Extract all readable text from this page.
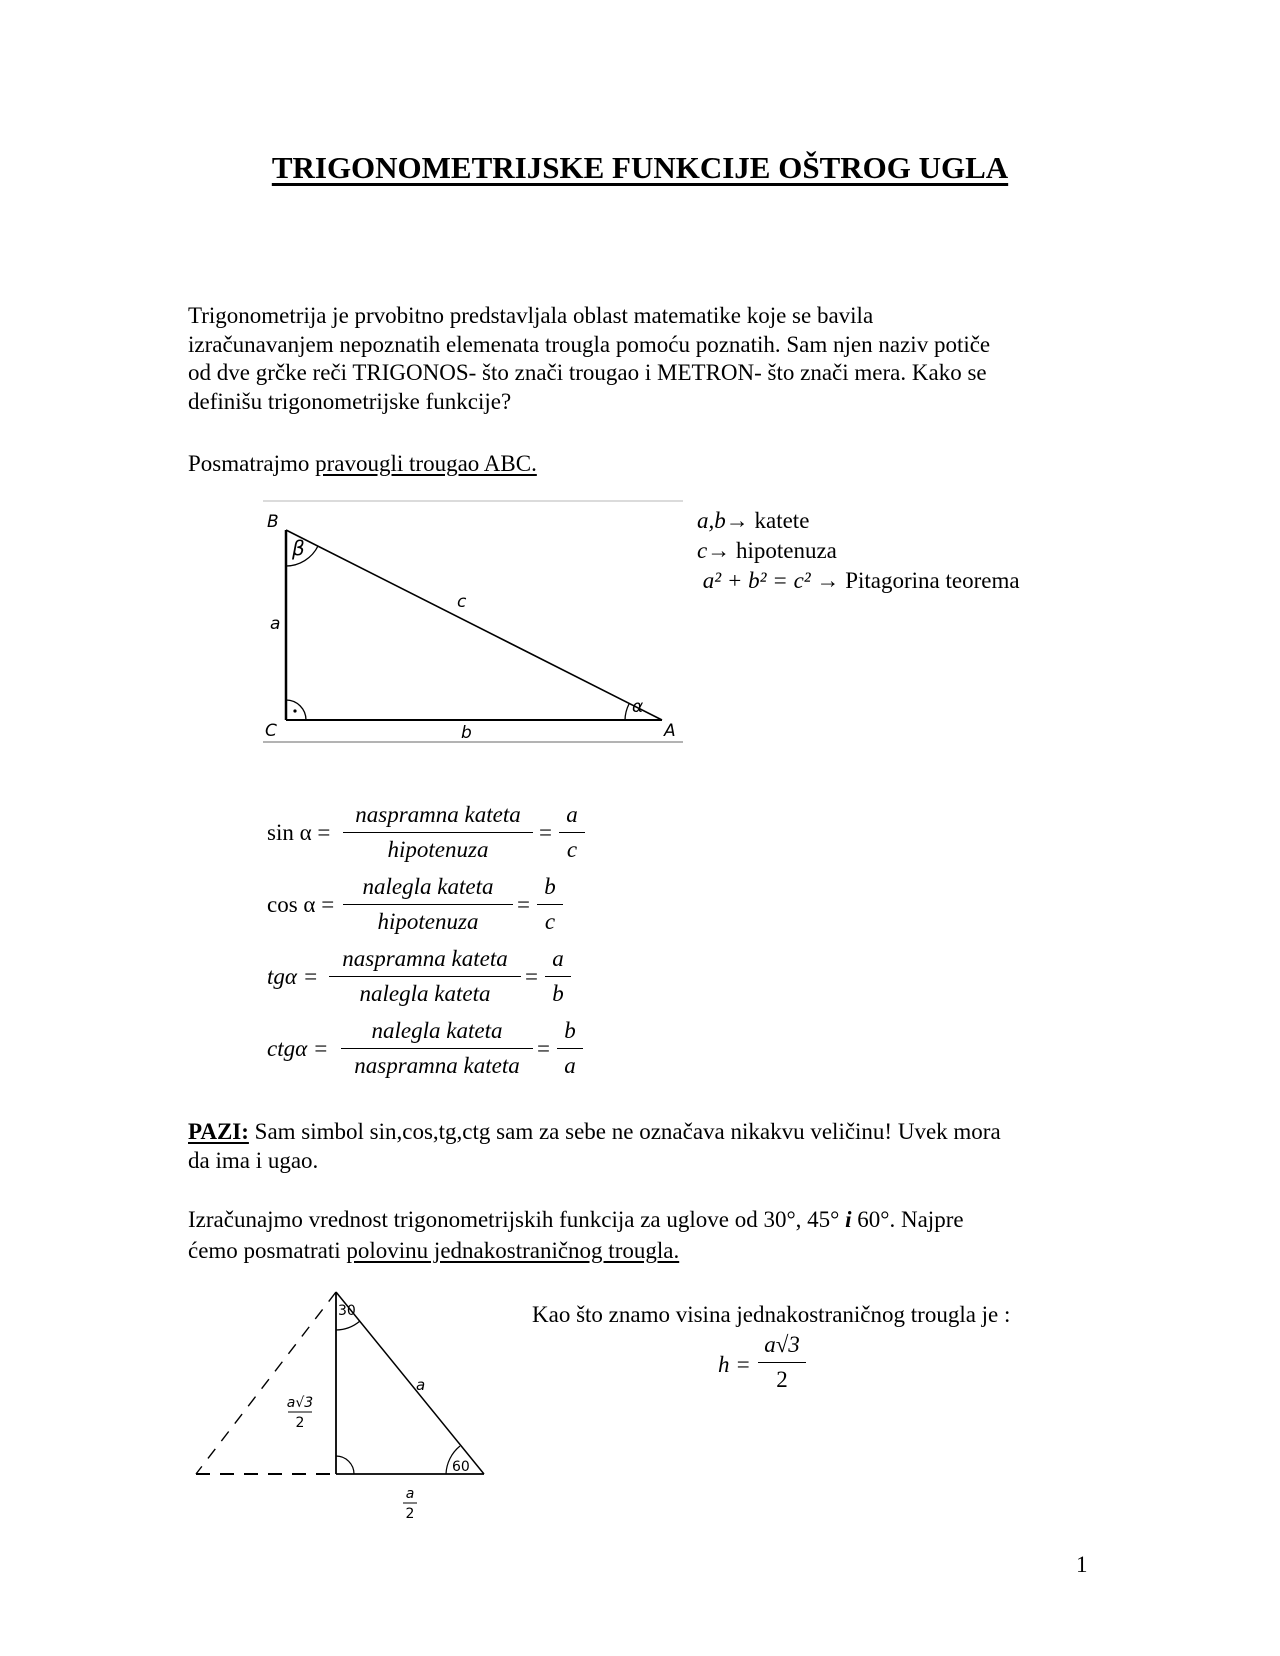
TRIGONOMETRIJSKE FUNKCIJE OŠTROG UGLA
Trigonometrija je prvobitno predstavljala oblast matematike koje se bavila
izračunavanjem nepoznatih elemenata trougla pomoću poznatih. Sam njen naziv potiče
od dve grčke reči TRIGONOS- što znači trougao i METRON- što znači mera. Kako se
definišu trigonometrijske funkcije?
Posmatrajmo pravougli trougao ABC.
B
β
a
c
C	b
α
A
a,b→ katete
c→ hipotenuza
a² + b² = c² → Pitagorina teorema
sin α =
naspramna kateta
hipotenuza
= $\frac{a}{c}$
cos α =
nalegla kateta
hipotenuza
= $\frac{b}{c}$
tgα =
naspramna kateta
nalegla kateta
= $\frac{a}{b}$
ctgα =
nalegla kateta
naspramna kateta
= $\frac{b}{a}$
PAZI: Sam simbol sin,cos,tg,ctg sam za sebe ne označava nikakvu veličinu! Uvek mora
da ima i ugao.
Izračunajmo vrednost trigonometrijskih funkcija za uglove od 30°, 45° i 60°. Najpre
ćemo posmatrati polovinu jednakostraničnog trougla.
30
60
a
a√3
2
a
2
Kao što znamo visina jednakostraničnog trougla je :
$h = \frac{a√3}{2}$
1
